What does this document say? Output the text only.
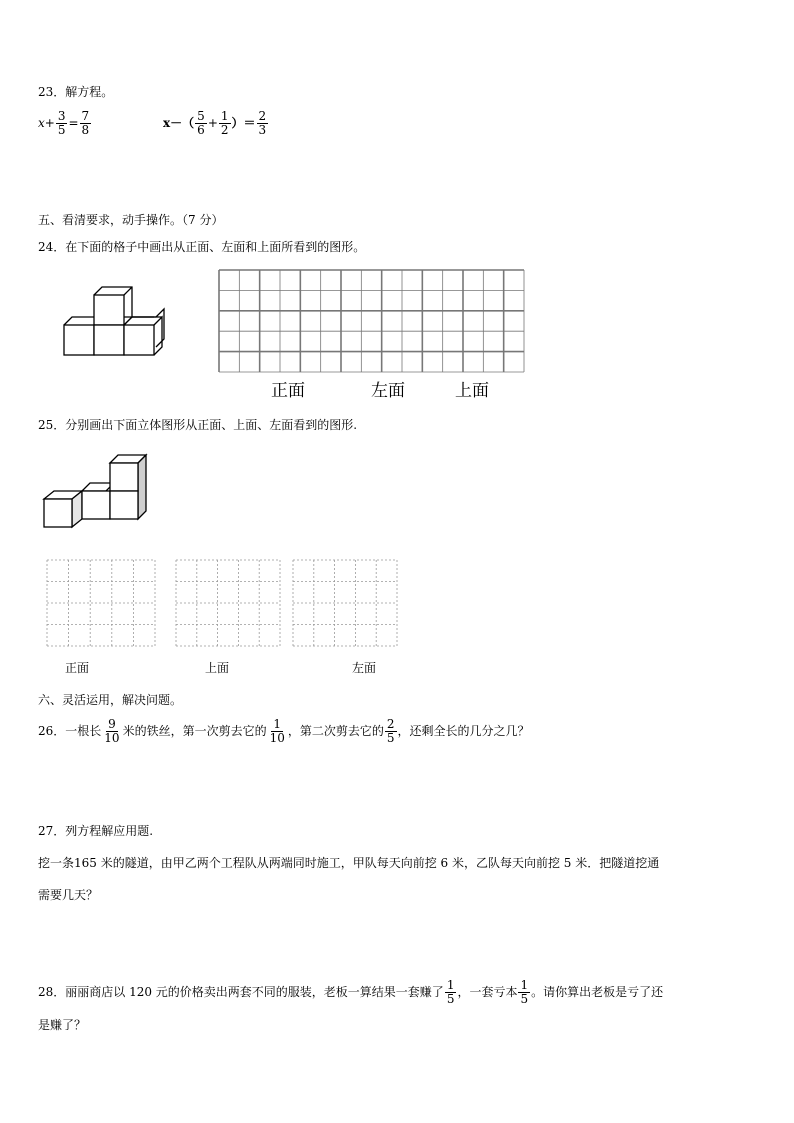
23．解方程。
$x+ \frac{3}{5} = \frac{7}{8}$	$x-( \frac{5}{6} + \frac{1}{2}$ ）＝ $\frac{2}{3}$
五、看清要求，动手操作。（7 分）
24．在下面的格子中画出从正面、左面和上面所看到的图形。
正面	左面	上面
25．分别画出下面立体图形从正面、上面、左面看到的图形.
正面	上面	左面
六、灵活运用，解决问题。
26．一根长 $\frac{9}{10}$ 米的铁丝，第一次剪去它的 $\frac{1}{10}$ ，第二次剪去它的 $\frac{2}{5}$ ，还剩全长的几分之几？
27．列方程解应用题.
挖一条165 米的隧道，由甲乙两个工程队从两端同时施工，甲队每天向前挖 6 米，乙队每天向前挖 5 米．把隧道挖通
需要几天？
28．丽丽商店以 120 元的价格卖出两套不同的服装，老板一算结果一套赚了 $\frac{1}{5}$ ，一套亏本 $\frac{1}{5}$ 。请你算出老板是亏了还
是赚了？
